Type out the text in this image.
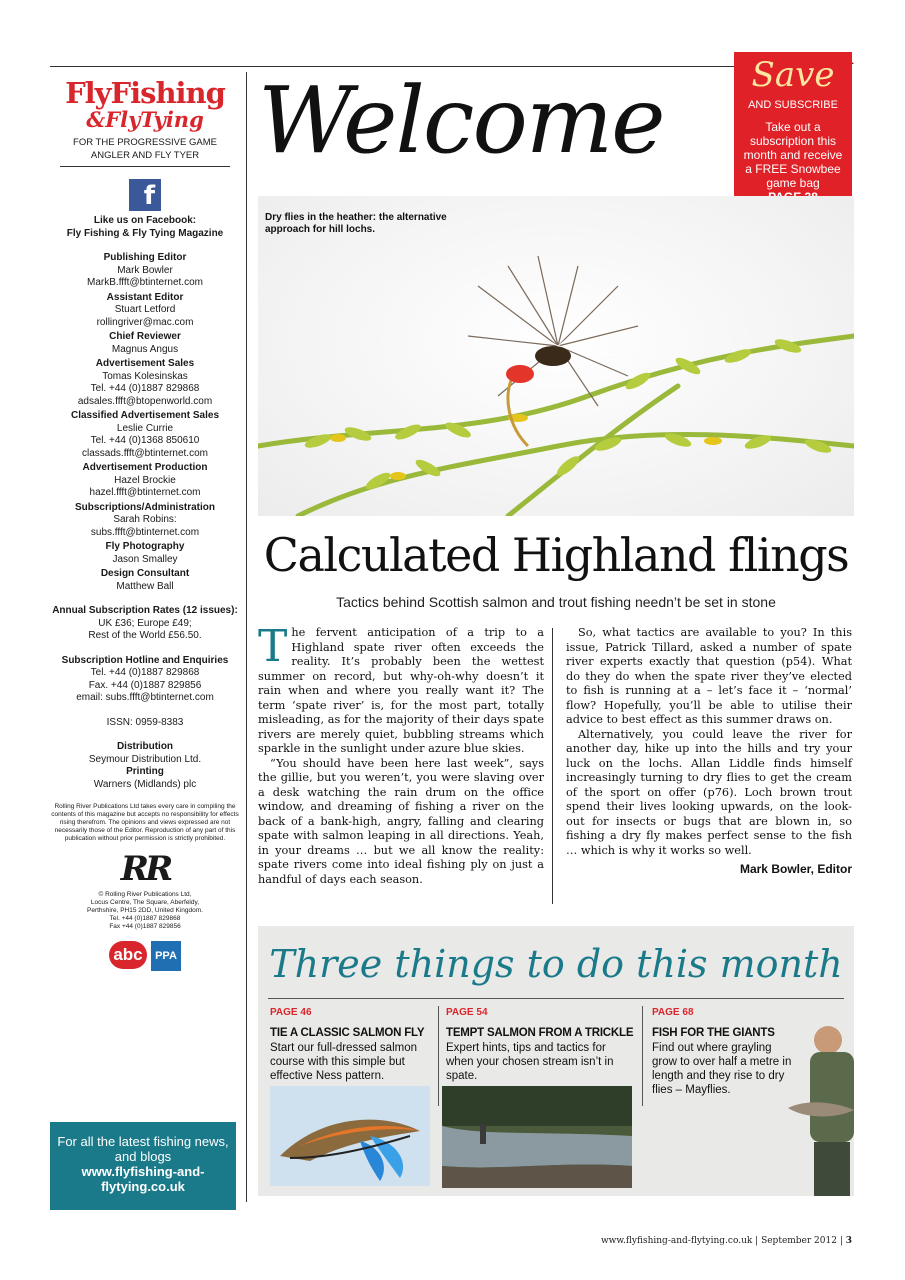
FlyFishing
&FlyTying
FOR THE PROGRESSIVE GAME ANGLER AND FLY TYER
f
Like us on Facebook:
Fly Fishing & Fly Tying Magazine
Publishing Editor
Mark Bowler
MarkB.ffft@btinternet.com
Assistant Editor
Stuart Letford
rollingriver@mac.com
Chief Reviewer
Magnus Angus
Advertisement Sales
Tomas Kolesinskas
Tel. +44 (0)1887 829868
adsales.ffft@btopenworld.com
Classified Advertisement Sales
Leslie Currie
Tel. +44 (0)1368 850610
classads.ffft@btinternet.com
Advertisement Production
Hazel Brockie
hazel.ffft@btinternet.com
Subscriptions/Administration
Sarah Robins:
subs.ffft@btinternet.com
Fly Photography
Jason Smalley
Design Consultant
Matthew Ball
Annual Subscription Rates (12 issues):
UK £36; Europe £49;
Rest of the World £56.50.
Subscription Hotline and Enquiries
Tel. +44 (0)1887 829868
Fax. +44 (0)1887 829856
email: subs.ffft@btinternet.com
ISSN: 0959-8383
Distribution
Seymour Distribution Ltd.
Printing
Warners (Midlands) plc
Rolling River Publications Ltd takes every care in compiling the contents of this magazine but accepts no responsibility for effects rising therefrom. The opinions and views expressed are not necessarily those of the Editor. Reproduction of any part of this publication without prior permission is strictly prohibited.
RR
© Rolling River Publications Ltd,
Locus Centre, The Square, Aberfeldy,
Perthshire, PH15 2DD, United Kingdom.
Tel. +44 (0)1887 829868
Fax +44 (0)1887 829856
abc	PPA
For all the latest fishing news, and blogs
www.flyfishing-and-flytying.co.uk
Welcome	Save
AND SUBSCRIBE
Take out a subscription this month and receive a FREE Snowbee game bag
Dry flies in the heather: the alternative approach for hill lochs.
Calculated Highland flings
Tactics behind Scottish salmon and trout fishing needn’t be set in stone

The fervent anticipation of a trip to a Highland spate river often exceeds the reality. It’s probably been the wettest summer on record, but why-oh-why doesn’t it rain when and where you really want it? The term ‘spate river’ is, for the most part, totally misleading, as for the majority of their days spate rivers are merely quiet, bubbling streams which sparkle in the sunlight under azure blue skies.

“You should have been here last week”, says the gillie, but you weren’t, you were slaving over a desk watching the rain drum on the office window, and dreaming of fishing a river on the back of a bank-high, angry, falling and clearing spate with salmon leaping in all directions. Yeah, in your dreams … but we all know the reality: spate rivers come into ideal fishing ply on just a handful of days each season.

So, what tactics are available to you? In this issue, Patrick Tillard, asked a number of spate river experts exactly that question (p54). What do they do when the spate river they’ve elected to fish is running at a – let’s face it – ‘normal’ flow? Hopefully, you’ll be able to utilise their advice to best effect as this summer draws on.

Alternatively, you could leave the river for another day, hike up into the hills and try your luck on the lochs. Allan Liddle finds himself increasingly turning to dry flies to get the cream of the sport on offer (p76). Loch brown trout spend their lives looking upwards, on the look-out for insects or bugs that are blown in, so fishing a dry fly makes perfect sense to the fish … which is why it works so well.

Mark Bowler, Editor
Three things to do this month
PAGE 46
TIE A CLASSIC SALMON FLY
Start our full-dressed salmon course with this simple but effective Ness pattern.
PAGE 54
TEMPT SALMON FROM A TRICKLE
Expert hints, tips and tactics for when your chosen stream isn’t in spate.
PAGE 68
FISH FOR THE GIANTS
Find out where grayling grow to over half a metre in length and they rise to dry flies – Mayflies.
www.flyfishing-and-flytying.co.uk | September 2012 | 3
